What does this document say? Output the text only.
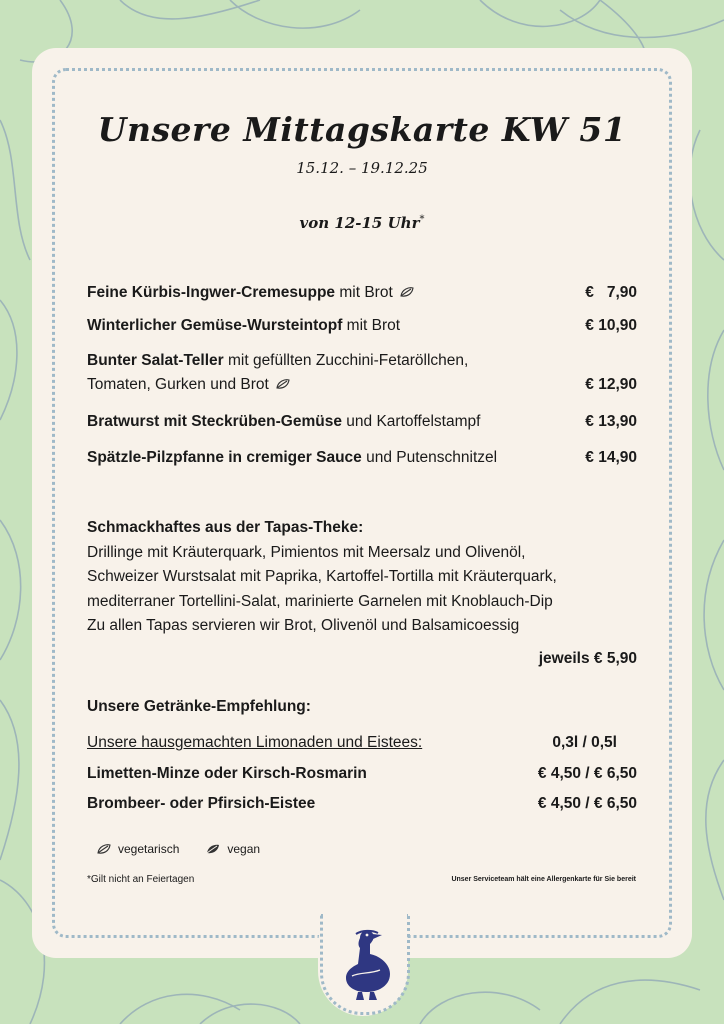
Unsere Mittagskarte KW 51
15.12. – 19.12.25
von 12-15 Uhr*
Feine Kürbis-Ingwer-Cremesuppe mit Brot	€   7,90
Winterlicher Gemüse-Wursteintopf mit Brot	€ 10,90
Bunter Salat-Teller mit gefüllten Zucchini-Fetaröllchen,
Tomaten, Gurken und Brot	€ 12,90
Bratwurst mit Steckrüben-Gemüse und Kartoffelstampf	€ 13,90
Spätzle-Pilzpfanne in cremiger Sauce und Putenschnitzel	€ 14,90
Schmackhaftes aus der Tapas-Theke:
Drillinge mit Kräuterquark, Pimientos mit Meersalz und Olivenöl,
Schweizer Wurstsalat mit Paprika, Kartoffel-Tortilla mit Kräuterquark,
mediterraner Tortellini-Salat, marinierte Garnelen mit Knoblauch-Dip
Zu allen Tapas servieren wir Brot, Olivenöl und Balsamicoessig
jeweils € 5,90
Unsere Getränke-Empfehlung:
Unsere hausgemachten Limonaden und Eistees:	0,3l / 0,5l
Limetten-Minze oder Kirsch-Rosmarin	€ 4,50 / € 6,50
Brombeer- oder Pfirsich-Eistee	€ 4,50 / € 6,50
vegetarisch	vegan
*Gilt nicht an Feiertagen	Unser Serviceteam hält eine Allergenkarte für Sie bereit
